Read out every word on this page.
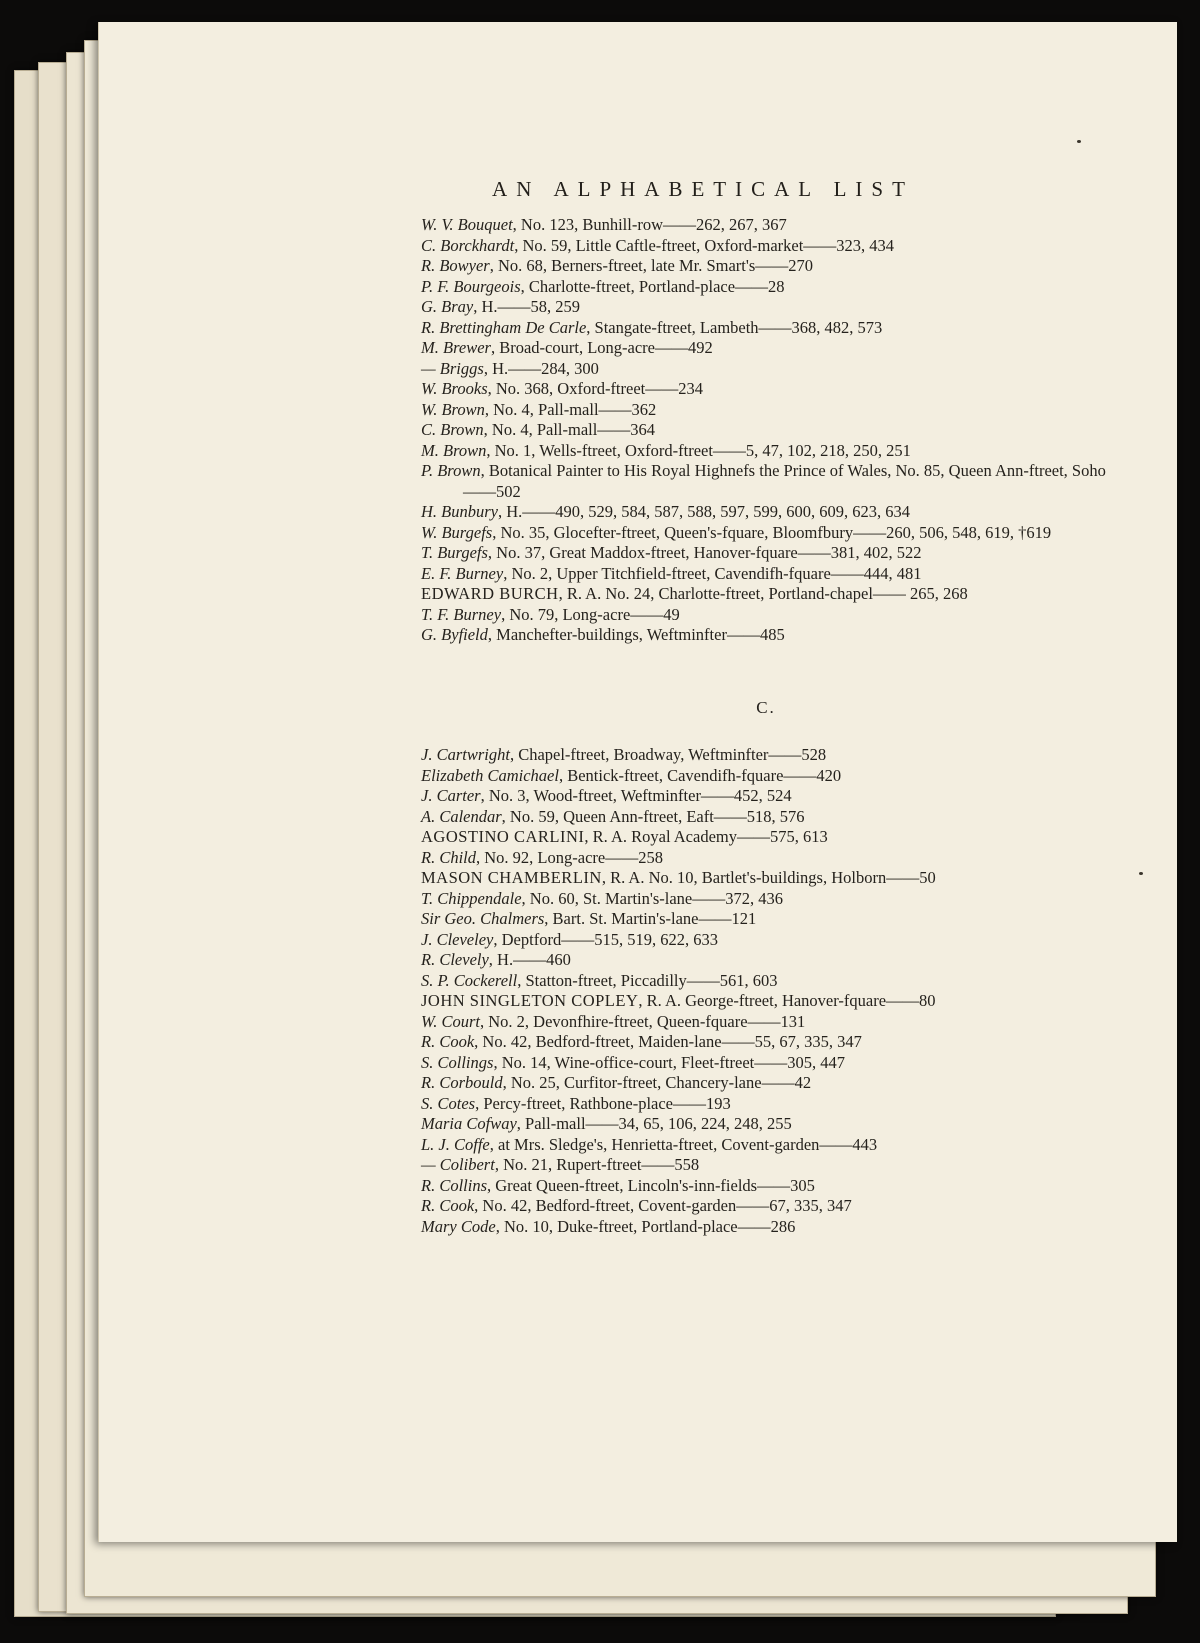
AN ALPHABETICAL LIST
W. V. Bouquet, No. 123, Bunhill-row——262, 267, 367
C. Borckhardt, No. 59, Little Caftle-ftreet, Oxford-market——323, 434
R. Bowyer, No. 68, Berners-ftreet, late Mr. Smart's——270
P. F. Bourgeois, Charlotte-ftreet, Portland-place——28
G. Bray, H.——58, 259
R. Brettingham De Carle, Stangate-ftreet, Lambeth——368, 482, 573
M. Brewer, Broad-court, Long-acre——492
— Briggs, H.——284, 300
W. Brooks, No. 368, Oxford-ftreet——234
W. Brown, No. 4, Pall-mall——362
C. Brown, No. 4, Pall-mall——364
M. Brown, No. 1, Wells-ftreet, Oxford-ftreet——5, 47, 102, 218, 250, 251
P. Brown, Botanical Painter to His Royal Highnefs the Prince of Wales, No. 85, Queen Ann-ftreet, Soho——502
H. Bunbury, H.——490, 529, 584, 587, 588, 597, 599, 600, 609, 623, 634
W. Burgefs, No. 35, Glocefter-ftreet, Queen's-fquare, Bloomfbury——260, 506, 548, 619, †619
T. Burgefs, No. 37, Great Maddox-ftreet, Hanover-fquare——381, 402, 522
E. F. Burney, No. 2, Upper Titchfield-ftreet, Cavendifh-fquare——444, 481
EDWARD BURCH, R. A. No. 24, Charlotte-ftreet, Portland-chapel—— 265, 268
T. F. Burney, No. 79, Long-acre——49
G. Byfield, Manchefter-buildings, Weftminfter——485
C.
J. Cartwright, Chapel-ftreet, Broadway, Weftminfter——528
Elizabeth Camichael, Bentick-ftreet, Cavendifh-fquare——420
J. Carter, No. 3, Wood-ftreet, Weftminfter——452, 524
A. Calendar, No. 59, Queen Ann-ftreet, Eaft——518, 576
AGOSTINO CARLINI, R. A. Royal Academy——575, 613
R. Child, No. 92, Long-acre——258
MASON CHAMBERLIN, R. A. No. 10, Bartlet's-buildings, Holborn——50
T. Chippendale, No. 60, St. Martin's-lane——372, 436
Sir Geo. Chalmers, Bart. St. Martin's-lane——121
J. Cleveley, Deptford——515, 519, 622, 633
R. Clevely, H.——460
S. P. Cockerell, Statton-ftreet, Piccadilly——561, 603
JOHN SINGLETON COPLEY, R. A. George-ftreet, Hanover-fquare——80
W. Court, No. 2, Devonfhire-ftreet, Queen-fquare——131
R. Cook, No. 42, Bedford-ftreet, Maiden-lane——55, 67, 335, 347
S. Collings, No. 14, Wine-office-court, Fleet-ftreet——305, 447
R. Corbould, No. 25, Curfitor-ftreet, Chancery-lane——42
S. Cotes, Percy-ftreet, Rathbone-place——193
Maria Cofway, Pall-mall——34, 65, 106, 224, 248, 255
L. J. Coffe, at Mrs. Sledge's, Henrietta-ftreet, Covent-garden——443
— Colibert, No. 21, Rupert-ftreet——558
R. Collins, Great Queen-ftreet, Lincoln's-inn-fields——305
R. Cook, No. 42, Bedford-ftreet, Covent-garden——67, 335, 347
Mary Code, No. 10, Duke-ftreet, Portland-place——286
